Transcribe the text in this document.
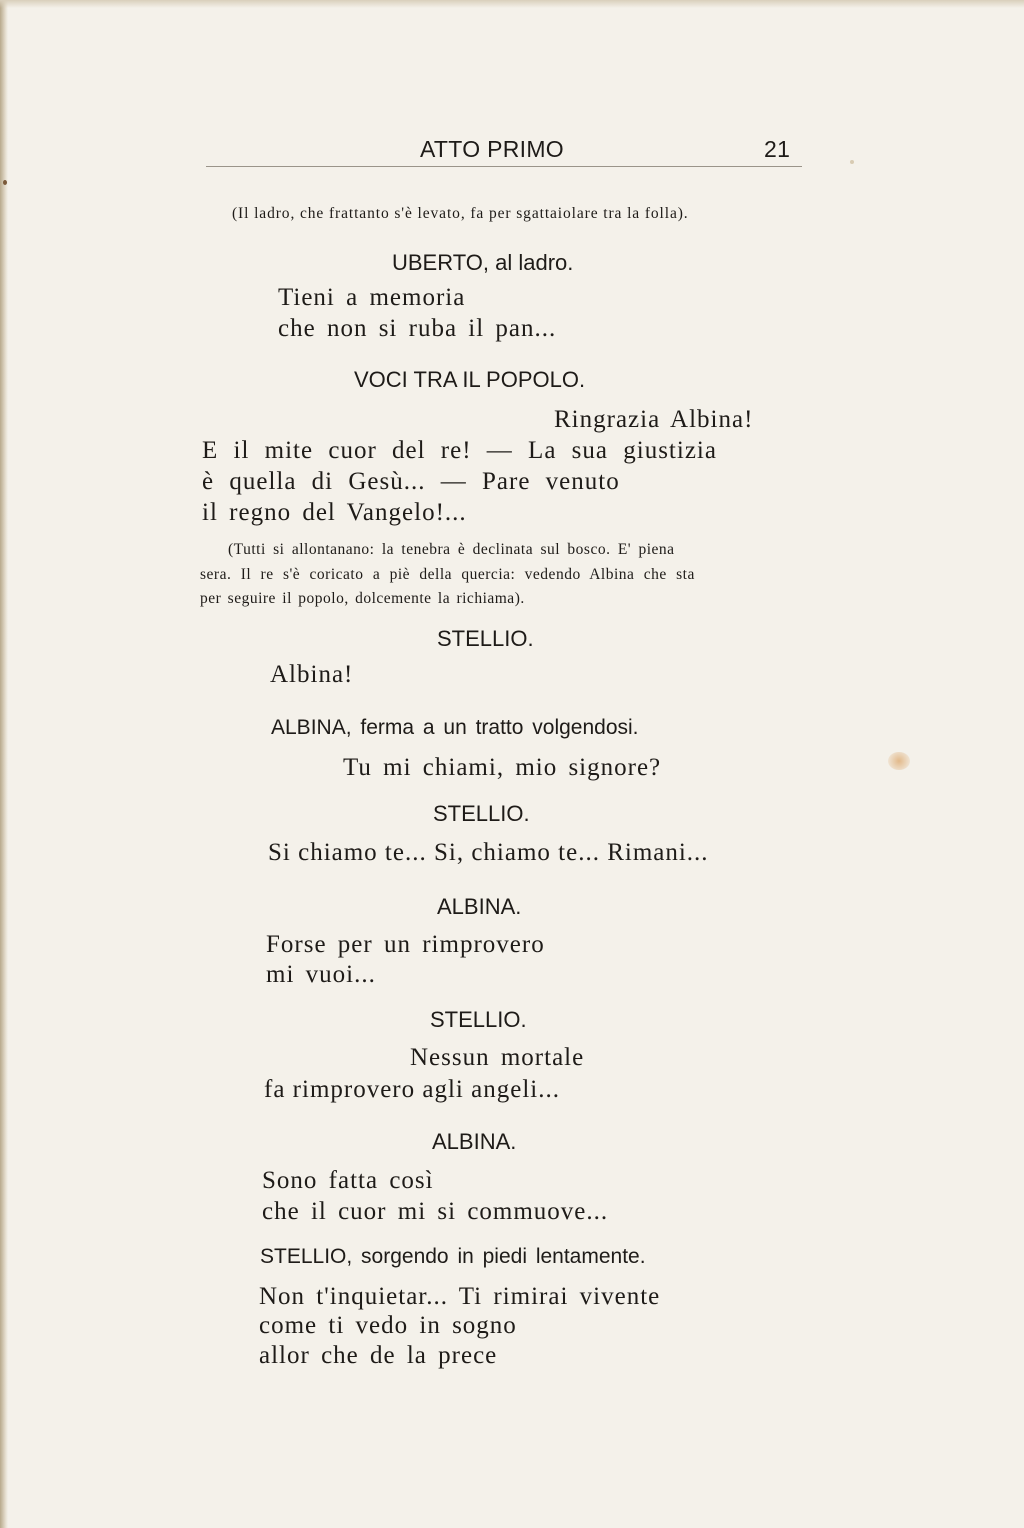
ATTO PRIMO	21
(Il ladro, che frattanto s'è levato, fa per sgattaiolare tra la folla).
UBERTO, al ladro.
Tieni a memoria
che non si ruba il pan...
VOCI TRA IL POPOLO.
Ringrazia Albina!
E il mite cuor del re! — La sua giustizia
è quella di Gesù... — Pare venuto
il regno del Vangelo!...
(Tutti si allontanano: la tenebra è declinata sul bosco. E' piena
sera. Il re s'è coricato a piè della quercia: vedendo Albina che sta
per seguire il popolo, dolcemente la richiama).
STELLIO.
Albina!
ALBINA, ferma a un tratto volgendosi.
Tu mi chiami, mio signore?
STELLIO.
Si chiamo te... Si, chiamo te... Rimani...
ALBINA.
Forse per un rimprovero
mi vuoi...
STELLIO.
Nessun mortale
fa rimprovero agli angeli...
ALBINA.
Sono fatta così
che il cuor mi si commuove...
STELLIO, sorgendo in piedi lentamente.
Non t'inquietar... Ti rimirai vivente
come ti vedo in sogno
allor che de la prece
